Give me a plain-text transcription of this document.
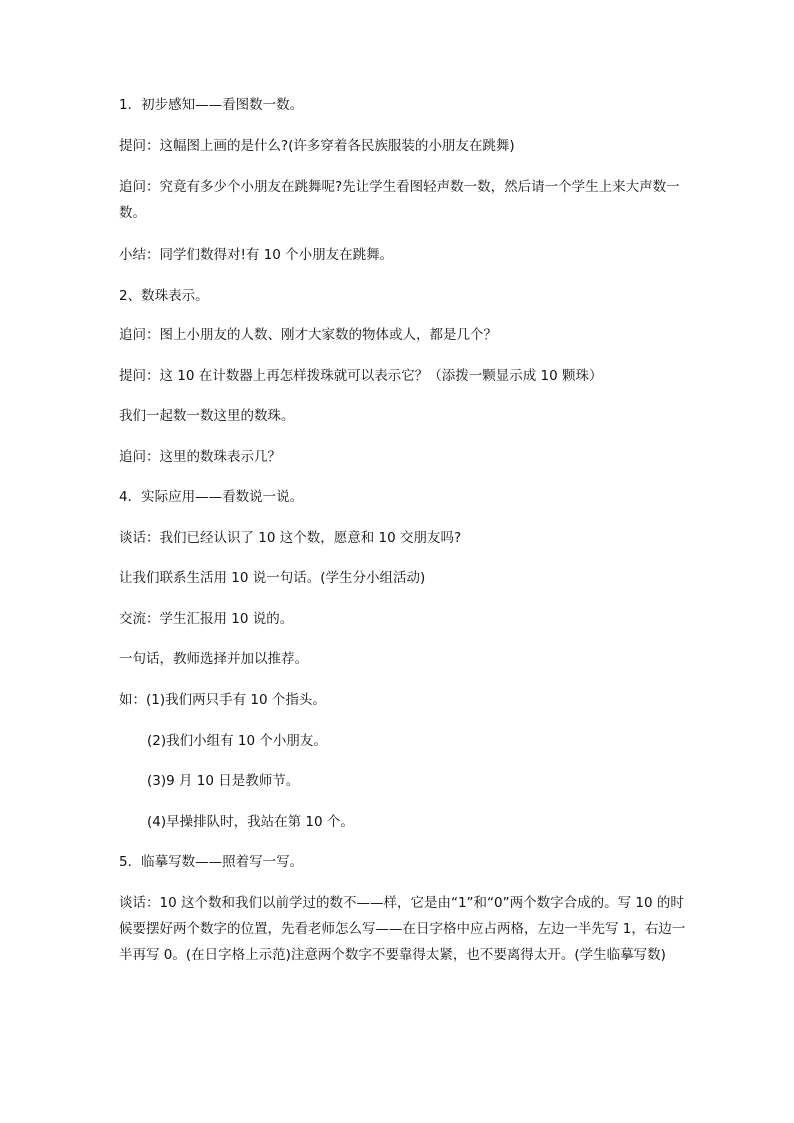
1．初步感知——看图数一数。

提问：这幅图上画的是什么?(许多穿着各民族服装的小朋友在跳舞)

追问：究竟有多少个小朋友在跳舞呢?先让学生看图轻声数一数，然后请一个学生上来大声数一数。

小结：同学们数得对!有 10 个小朋友在跳舞。

2、数珠表示。

追问：图上小朋友的人数、刚才大家数的物体或人，都是几个？

提问：这 10 在计数器上再怎样拨珠就可以表示它？（添拨一颗显示成 10 颗珠）

我们一起数一数这里的数珠。

追问：这里的数珠表示几？

4．实际应用——看数说一说。

谈话：我们已经认识了 10 这个数，愿意和 10 交朋友吗?

让我们联系生活用 10 说一句话。(学生分小组活动)

交流：学生汇报用 10 说的。

一句话，教师选择并加以推荐。

如：(1)我们两只手有 10 个指头。

(2)我们小组有 10 个小朋友。

(3)9 月 10 日是教师节。

(4)早操排队时，我站在第 10 个。

5．临摹写数——照着写一写。

谈话：10 这个数和我们以前学过的数不——样，它是由“1”和“0”两个数字合成的。写 10 的时候要摆好两个数字的位置，先看老师怎么写——在日字格中应占两格，左边一半先写 1，右边一半再写 0。(在日字格上示范)注意两个数字不要靠得太紧，也不要离得太开。(学生临摹写数)
